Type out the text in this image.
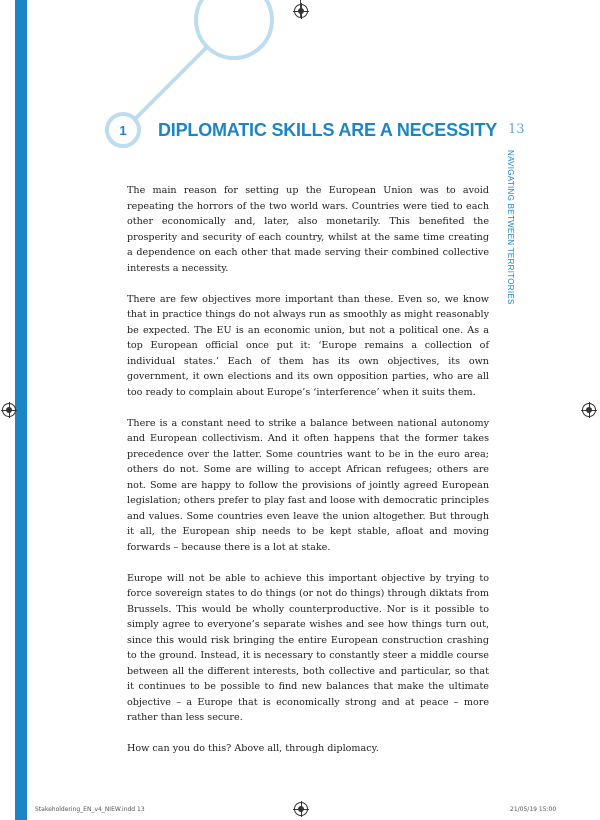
1	DIPLOMATIC SKILLS ARE A NECESSITY 13
NAVIGATING BETWEEN TERRITORIES

The main reason for setting up the European Union was to avoid repeating the horrors of the two world wars. Countries were tied to each other economically and, later, also monetarily. This benefited the prosperity and security of each country, whilst at the same time creating a dependence on each other that made serving their combined collective interests a necessity.

There are few objectives more important than these. Even so, we know that in practice things do not always run as smoothly as might reasonably be expected. The EU is an economic union, but not a political one. As a top European official once put it: ‘Europe remains a collection of individual states.’ Each of them has its own objectives, its own government, it own elections and its own opposition parties, who are all too ready to complain about Europe’s ‘interference’ when it suits them.

There is a constant need to strike a balance between national autonomy and European collectivism. And it often happens that the former takes precedence over the latter. Some countries want to be in the euro area; others do not. Some are willing to accept African refugees; others are not. Some are happy to follow the provisions of jointly agreed European legislation; others prefer to play fast and loose with democratic principles and values. Some countries even leave the union altogether. But through it all, the European ship needs to be kept stable, afloat and moving forwards – because there is a lot at stake.

Europe will not be able to achieve this important objective by trying to force sovereign states to do things (or not do things) through diktats from Brussels. This would be wholly counterproductive. Nor is it possible to simply agree to everyone’s separate wishes and see how things turn out, since this would risk bringing the entire European construction crashing to the ground. Instead, it is necessary to constantly steer a middle course between all the different interests, both collective and particular, so that it continues to be possible to find new balances that make the ultimate objective – a Europe that is economically strong and at peace – more rather than less secure.

How can you do this? Above all, through diplomacy.

Stakeholdering_EN_v4_NIEW.indd 13	21/05/19 15:00
